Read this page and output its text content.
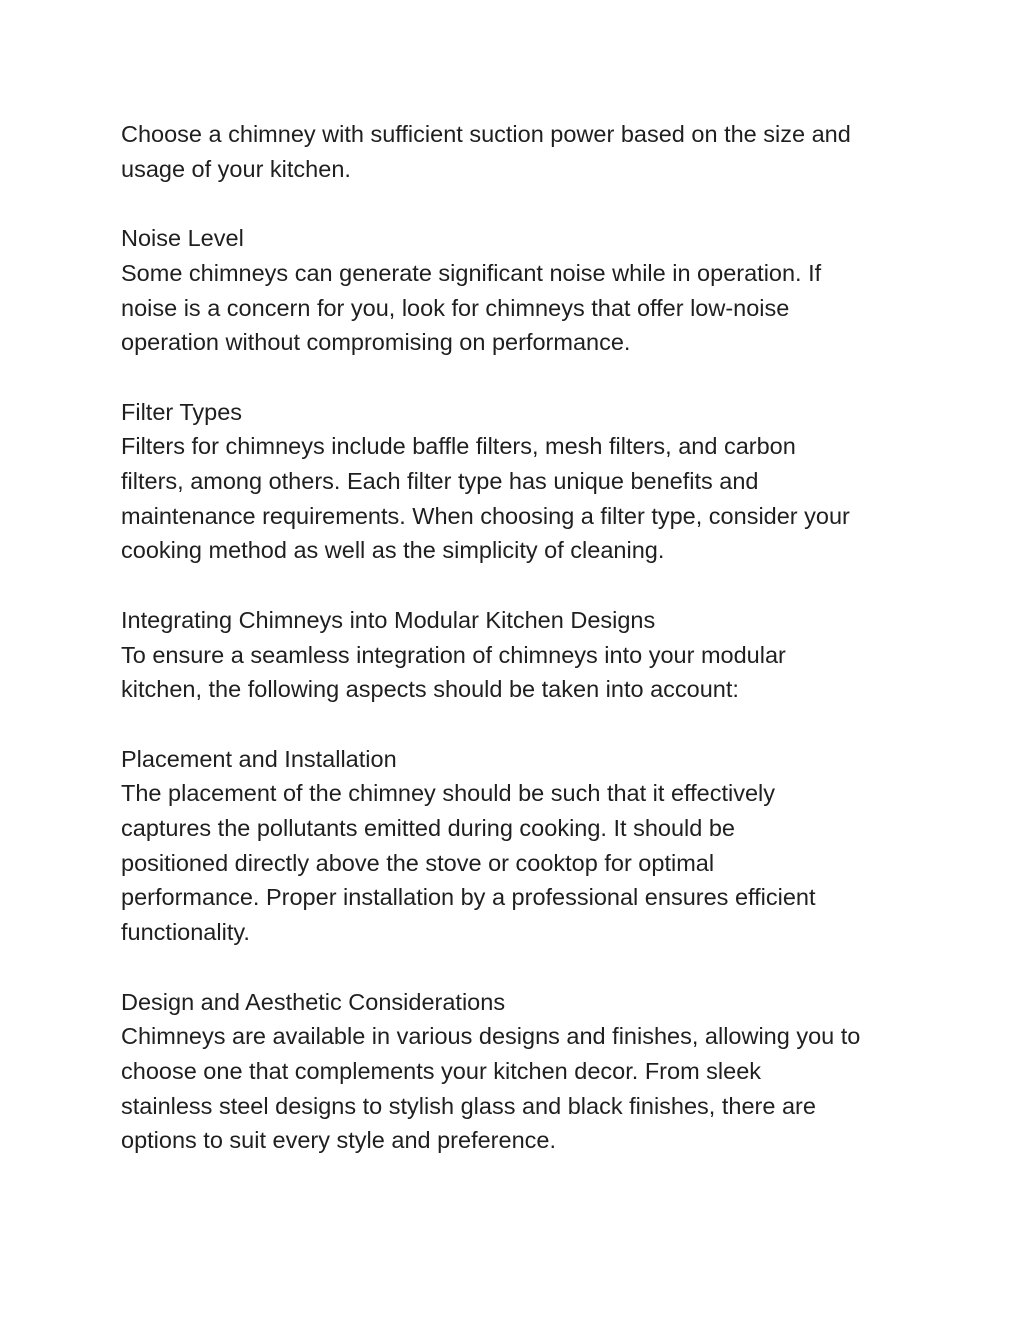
Choose a chimney with sufficient suction power based on the size and
usage of your kitchen.

Noise Level

Some chimneys can generate significant noise while in operation. If
noise is a concern for you, look for chimneys that offer low-noise
operation without compromising on performance.

Filter Types

Filters for chimneys include baffle filters, mesh filters, and carbon
filters, among others. Each filter type has unique benefits and
maintenance requirements. When choosing a filter type, consider your
cooking method as well as the simplicity of cleaning.

Integrating Chimneys into Modular Kitchen Designs

To ensure a seamless integration of chimneys into your modular
kitchen, the following aspects should be taken into account:

Placement and Installation

The placement of the chimney should be such that it effectively
captures the pollutants emitted during cooking. It should be
positioned directly above the stove or cooktop for optimal
performance. Proper installation by a professional ensures efficient
functionality.

Design and Aesthetic Considerations

Chimneys are available in various designs and finishes, allowing you to
choose one that complements your kitchen decor. From sleek
stainless steel designs to stylish glass and black finishes, there are
options to suit every style and preference.
